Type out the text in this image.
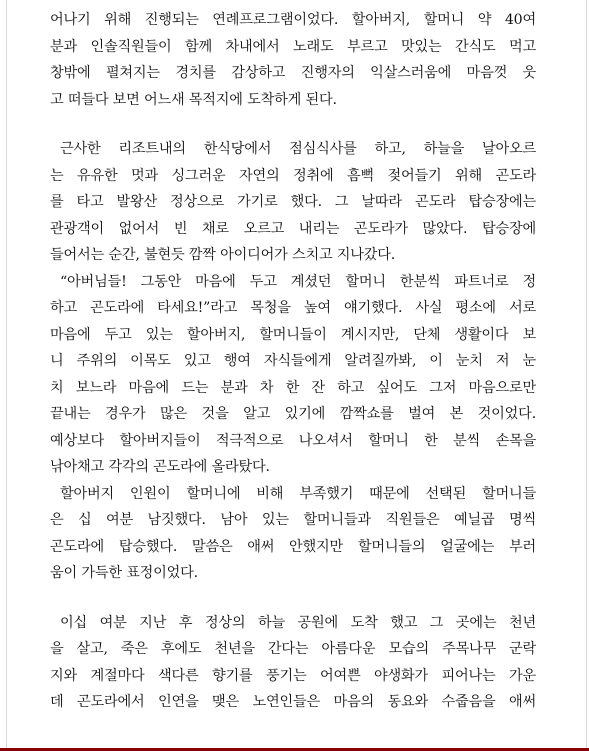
어나기 위해 진행되는 연례프로그램이었다. 할아버지, 할머니 약 40여
분과 인솔직원들이 함께 차내에서 노래도 부르고 맛있는 간식도 먹고
창밖에 펼쳐지는 경치를 감상하고 진행자의 익살스러움에 마음껏 웃
고 떠들다 보면 어느새 목적지에 도착하게 된다.
근사한 리조트내의 한식당에서 점심식사를 하고, 하늘을 날아오르
는 유유한 멋과 싱그러운 자연의 정취에 흠뻑 젖어들기 위해 곤도라
를 타고 발왕산 정상으로 가기로 했다. 그 날따라 곤도라 탑승장에는
관광객이 없어서 빈 채로 오르고 내리는 곤도라가 많았다. 탑승장에
들어서는 순간, 불현듯 깜짝 아이디어가 스치고 지나갔다.
“아버님들! 그동안 마음에 두고 계셨던 할머니 한분씩 파트너로 정
하고 곤도라에 타세요!”라고 목청을 높여 얘기했다. 사실 평소에 서로
마음에 두고 있는 할아버지, 할머니들이 계시지만, 단체 생활이다 보
니 주위의 이목도 있고 행여 자식들에게 알려질까봐, 이 눈치 저 눈
치 보느라 마음에 드는 분과 차 한 잔 하고 싶어도 그저 마음으로만
끝내는 경우가 많은 것을 알고 있기에 깜짝쇼를 벌여 본 것이었다.
예상보다 할아버지들이 적극적으로 나오셔서 할머니 한 분씩 손목을
낚아채고 각각의 곤도라에 올라탔다.
할아버지 인원이 할머니에 비해 부족했기 때문에 선택된 할머니들
은 십 여분 남짓했다. 남아 있는 할머니들과 직원들은 예닐곱 명씩
곤도라에 탑승했다. 말씀은 애써 안했지만 할머니들의 얼굴에는 부러
움이 가득한 표정이었다.
이십 여분 지난 후 정상의 하늘 공원에 도착 했고 그 곳에는 천년
을 살고, 죽은 후에도 천년을 간다는 아름다운 모습의 주목나무 군락
지와 계절마다 색다른 향기를 풍기는 어여쁜 야생화가 피어나는 가운
데 곤도라에서 인연을 맺은 노연인들은 마음의 동요와 수줍음을 애써
